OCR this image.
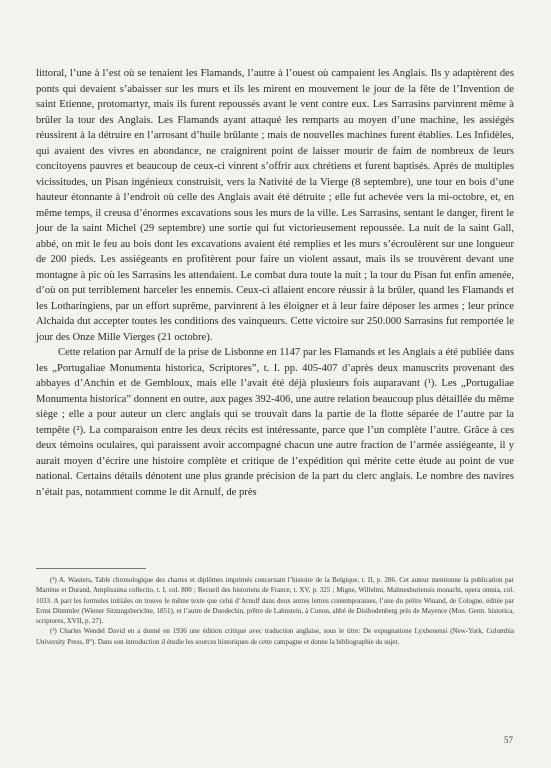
littoral, l’une à l’est où se tenaient les Flamands, l’autre à l’ouest où campaient les Anglais. Ils y adaptèrent des ponts qui devaient s’abaisser sur les murs et ils les mirent en mouvement le jour de la fête de l’Invention de saint Etienne, protomartyr, mais ils furent repoussés avant le vent contre eux. Les Sarrasins parvinrent même à brûler la tour des Anglais. Les Flamands ayant attaqué les remparts au moyen d’une machine, les assiégés réussirent à la détruire en l’arrosant d’huile brûlante ; mais de nouvelles machines furent établies. Les Infidèles, qui avaient des vivres en abondance, ne craignirent point de laisser mourir de faim de nombreux de leurs concitoyens pauvres et beaucoup de ceux-ci vinrent s’offrir aux chrétiens et furent baptisés. Après de multiples vicissitudes, un Pisan ingénieux construisit, vers la Nativité de la Vierge (8 septembre), une tour en bois d’une hauteur étonnante à l’endroit où celle des Anglais avait été détruite ; elle fut achevée vers la mi-octobre, et, en même temps, il creusa d’énormes excavations sous les murs de la ville. Les Sarrasins, sentant le danger, firent le jour de la saint Michel (29 septembre) une sortie qui fut victorieusement repoussée. La nuit de la saint Gall, abbé, on mit le feu au bois dont les excavations avaient été remplies et les murs s’écroulèrent sur une longueur de 200 pieds. Les assiégeants en profitèrent pour faire un violent assaut, mais ils se trouvèrent devant une montagne à pic où les Sarrasins les attendaient. Le combat dura toute la nuit ; la tour du Pisan fut enfin amenée, d’où on put terriblement harceler les ennemis. Ceux-ci allaient encore réussir à la brûler, quand les Flamands et les Lotharingiens, par un effort suprême, parvinrent à les éloigner et à leur faire déposer les armes ; leur prince Alchaida dut accepter toutes les conditions des vainqueurs. Cette victoire sur 250.000 Sarrasins fut remportée le jour des Onze Mille Vierges (21 octobre).

Cette relation par Arnulf de la prise de Lisbonne en 1147 par les Flamands et les Anglais a été publiée dans les „Portugaliae Monumenta historica, Scriptores”, t. I. pp. 405-407 d’après deux manuscrits provenant des abbayes d’Anchin et de Gembloux, mais elle l’avait été déjà plusieurs fois auparavant (¹). Les „Portugaliae Monumenta historica” donnent en outre, aux pages 392-406, une autre relation beaucoup plus détaillée du même siège ; elle a pour auteur un clerc anglais qui se trouvait dans la partie de la flotte séparée de l’autre par la tempête (²). La comparaison entre les deux récits est intéressante, parce que l’un complète l’autre. Grâce à ces deux témoins oculaires, qui paraissent avoir accompagné chacun une autre fraction de l’armée assiégeante, il y aurait moyen d’écrire une histoire complète et critique de l’expédition qui mérite cette étude au point de vue national. Certains détails dénotent une plus grande précision de la part du clerc anglais. Le nombre des navires n’était pas, notamment comme le dit Arnulf, de près

(¹) A. Wauters, Table chronologique des chartes et diplômes imprimés concernant l’histoire de la Belgique, t. II, p. 286. Cet auteur mentionne la publication par Martène et Durand, Amplissima collectio, t. I, col. 800 ; Recueil des historiens de France, t. XV, p. 325 ; Migne, Willelmi, Malmesburiensis monachi, opera omnia, col. 1033. A part les formules initiales on trouve le même texte que celui d’Arnulf dans deux autres lettres contemporaines, l’une du prêtre Winand, de Cologne, éditée par Ernst Dümmler (Wiener Sitzungsberichte, 1851), et l’autre de Duodechin, prêtre de Lahnstein, à Cunon, abbé de Disibodenberg près de Mayence (Mon. Germ. historica, scriptores, XVII, p. 27).

(²) Charles Wendel David en a donné en 1936 une édition critique avec traduction anglaise, sous le titre: De expugnatione Lyxbonensi (New-York, Columbia University Press, 8°). Dans son introduction il étudie les sources historiques de cette campagne et donne la bibliographie du sujet.

57
